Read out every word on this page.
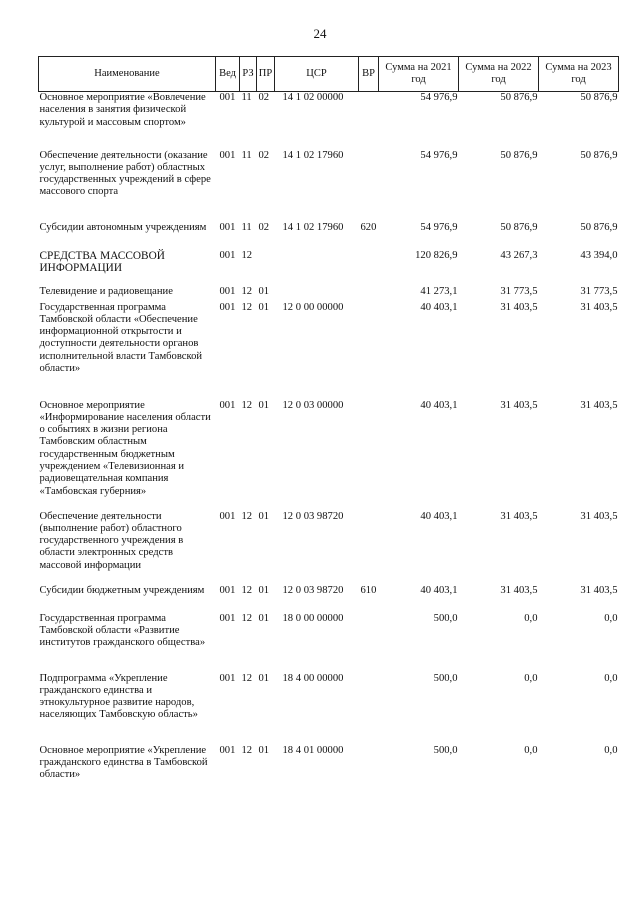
24
Наименование	Вед	РЗ	ПР	ЦСР	ВР	Сумма на 2021 год	Сумма на 2022 год	Сумма на 2023 год
Основное мероприятие «Вовлечение населения в занятия физической культурой и массовым спортом»	001	11	02	14 1 02 00000		54 976,9	50 876,9	50 876,9
Обеспечение деятельности (оказание услуг, выполнение работ) областных государственных учреждений в сфере массового спорта	001	11	02	14 1 02 17960		54 976,9	50 876,9	50 876,9
Субсидии автономным учреждениям	001	11	02	14 1 02 17960	620	54 976,9	50 876,9	50 876,9
СРЕДСТВА МАССОВОЙ ИНФОРМАЦИИ	001	12				120 826,9	43 267,3	43 394,0
Телевидение и радиовещание	001	12	01			41 273,1	31 773,5	31 773,5
Государственная программа Тамбовской области «Обеспечение информационной открытости и доступности деятельности органов исполнительной власти Тамбовской области»	001	12	01	12 0 00 00000		40 403,1	31 403,5	31 403,5
Основное мероприятие «Информирование населения области о событиях в жизни региона Тамбовским областным государственным бюджетным учреждением «Телевизионная и радиовещательная компания «Тамбовская губерния»	001	12	01	12 0 03 00000		40 403,1	31 403,5	31 403,5
Обеспечение деятельности (выполнение работ) областного государственного учреждения в области электронных средств массовой информации	001	12	01	12 0 03 98720		40 403,1	31 403,5	31 403,5
Субсидии бюджетным учреждениям	001	12	01	12 0 03 98720	610	40 403,1	31 403,5	31 403,5
Государственная программа Тамбовской области «Развитие институтов гражданского общества»	001	12	01	18 0 00 00000		500,0	0,0	0,0
Подпрограмма «Укрепление гражданского единства и этнокультурное развитие народов, населяющих Тамбовскую область»	001	12	01	18 4 00 00000		500,0	0,0	0,0
Основное мероприятие «Укрепление гражданского единства в Тамбовской области»	001	12	01	18 4 01 00000		500,0	0,0	0,0
